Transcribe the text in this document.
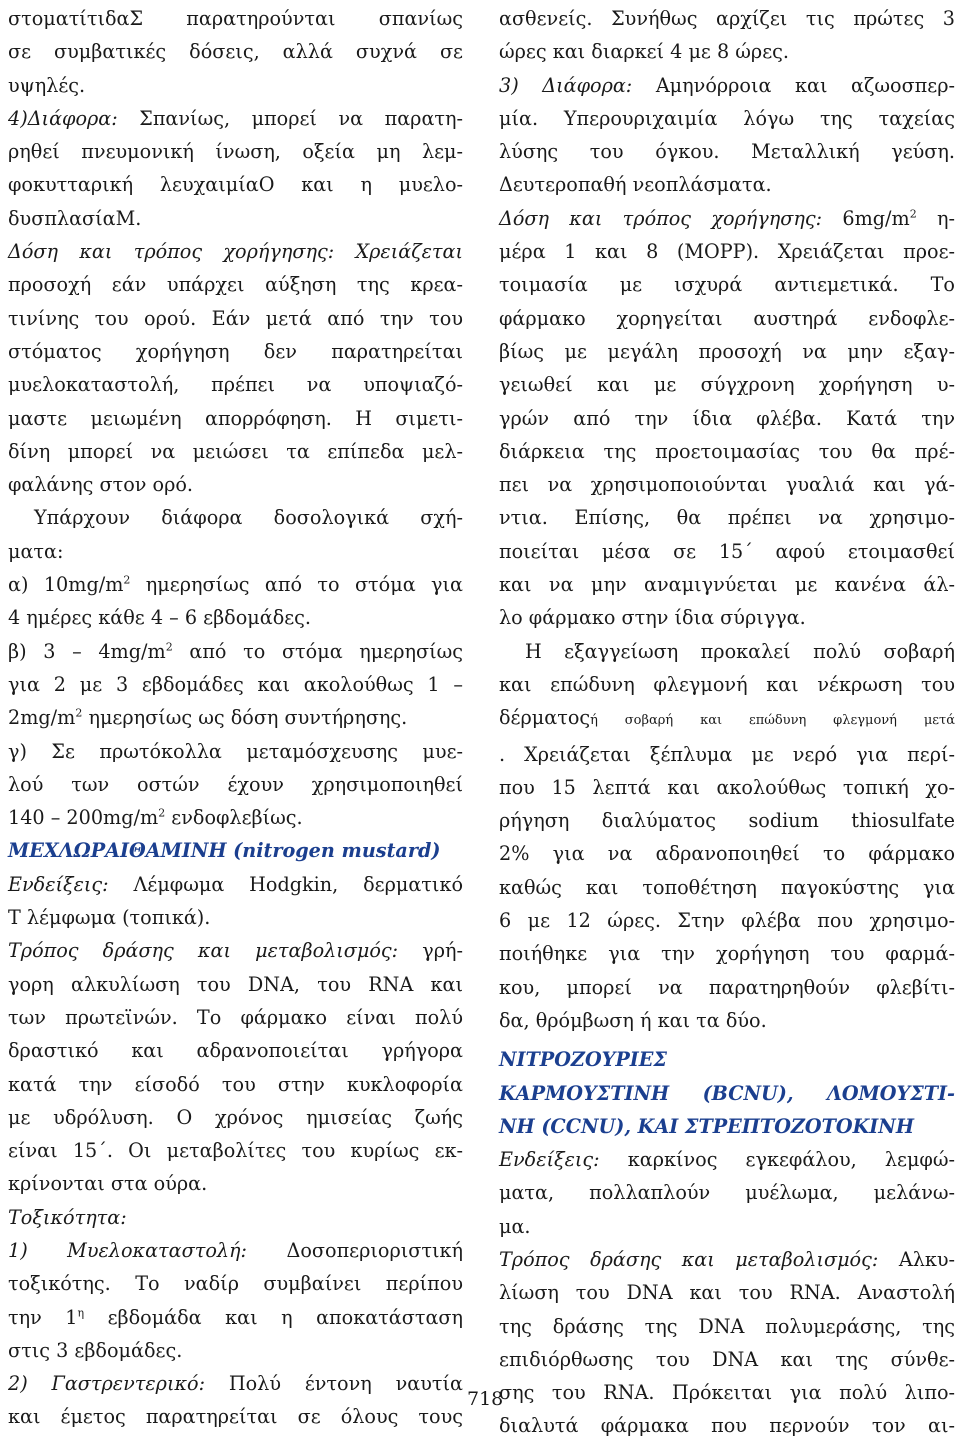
στοματίτιδαΣ παρατηρούνται σπανίως
σε συμβατικές δόσεις, αλλά συχνά σε
υψηλές.
4)Διάφορα: Σπανίως, μπορεί να παρατη-
ρηθεί πνευμονική ίνωση, οξεία μη λεμ-
φοκυτταρική λευχαιμίαΟ και η μυελο-
δυσπλασίαΜ.
Δόση και τρόπος χορήγησης: Χρειάζεται
προσοχή εάν υπάρχει αύξηση της κρεα-
τινίνης του ορού. Εάν μετά από την του
στόματος χορήγηση δεν παρατηρείται
μυελοκαταστολή, πρέπει να υποψιαζό-
μαστε μειωμένη απορρόφηση. Η σιμετι-
δίνη μπορεί να μειώσει τα επίπεδα μελ-
φαλάνης στον ορό.
Υπάρχουν διάφορα δοσολογικά σχή-
ματα:
α) $10mg/m^2$ ημερησίως από το στόμα για
4 ημέρες κάθε 4 – 6 εβδομάδες.
β) $3 - 4mg/m^2$ από το στόμα ημερησίως
για 2 με 3 εβδομάδες και ακολούθως 1 –
$2mg/m^2$ ημερησίως ως δόση συντήρησης.
γ) Σε πρωτόκολλα μεταμόσχευσης μυε-
λού των οστών έχουν χρησιμοποιηθεί
$140 - 200mg/m^2$ ενδοφλεβίως.
ΜΕΧΛΩΡΑΙΘΑΜΙΝΗ (nitrogen mustard)
Ενδείξεις: Λέμφωμα Hodgkin, δερματικό
Τ λέμφωμα (τοπικά).
Τρόπος δράσης και μεταβολισμός: γρή-
γορη αλκυλίωση του DNA, του RNA και
των πρωτεϊνών. Το φάρμακο είναι πολύ
δραστικό και αδρανοποιείται γρήγορα
κατά την είσοδό του στην κυκλοφορία
με υδρόλυση. Ο χρόνος ημισείας ζωής
είναι 15΄. Οι μεταβολίτες του κυρίως εκ-
κρίνονται στα ούρα.
Τοξικότητα:
1) Μυελοκαταστολή: Δοσοπεριοριστική
τοξικότης. Το ναδίρ συμβαίνει περίπου
την $1^\eta$ εβδομάδα και η αποκατάσταση
στις 3 εβδομάδες.
2) Γαστρεντερικό: Πολύ έντονη ναυτία
και έμετος παρατηρείται σε όλους τους
ασθενείς. Συνήθως αρχίζει τις πρώτες 3
ώρες και διαρκεί 4 με 8 ώρες.
3) Διάφορα: Αμηνόρροια και αζωοσπερ-
μία. Υπερουριχαιμία λόγω της ταχείας
λύσης του όγκου. Μεταλλική γεύση.
Δευτεροπαθή νεοπλάσματα.
Δόση και τρόπος χορήγησης: $6mg/m^2$ η-
μέρα 1 και 8 (MOPP). Χρειάζεται προε-
τοιμασία με ισχυρά αντιεμετικά. Το
φάρμακο χορηγείται αυστηρά ενδοφλε-
βίως με μεγάλη προσοχή να μην εξαγ-
γειωθεί και με σύγχρονη χορήγηση υ-
γρών από την ίδια φλέβα. Κατά την
διάρκεια της προετοιμασίας του θα πρέ-
πει να χρησιμοποιούνται γυαλιά και γά-
ντια. Επίσης, θα πρέπει να χρησιμο-
ποιείται μέσα σε 15΄ αφού ετοιμασθεί
και να μην αναμιγνύεται με κανένα άλ-
λο φάρμακο στην ίδια σύριγγα.
Η εξαγγείωση προκαλεί πολύ σοβαρή
και επώδυνη φλεγμονή και νέκρωση του
δέρματοςή σοβαρή και επώδυνη φλεγμονή μετά
. Χρειάζεται ξέπλυμα με νερό για περί-
που 15 λεπτά και ακολούθως τοπική χο-
ρήγηση διαλύματος sodium thiosulfate
2% για να αδρανοποιηθεί το φάρμακο
καθώς και τοποθέτηση παγοκύστης για
6 με 12 ώρες. Στην φλέβα που χρησιμο-
ποιήθηκε για την χορήγηση του φαρμά-
κου, μπορεί να παρατηρηθούν φλεβίτι-
δα, θρόμβωση ή και τα δύο.
ΝΙΤΡΟΖΟΥΡΙΕΣ
ΚΑΡΜΟΥΣΤΙΝΗ (BCNU), ΛΟΜΟΥΣΤΙ-
ΝΗ (CCNU), ΚΑΙ ΣΤΡΕΠΤΟΖΟΤΟΚΙΝΗ
Ενδείξεις: καρκίνος εγκεφάλου, λεμφώ-
ματα, πολλαπλούν μυέλωμα, μελάνω-
μα.
Τρόπος δράσης και μεταβολισμός: Αλκυ-
λίωση του DNA και του RNA. Αναστολή
της δράσης της DNA πολυμεράσης, της
επιδιόρθωσης του DNA και της σύνθε-
σης του RNA. Πρόκειται για πολύ λιπο-
διαλυτά φάρμακα που περνούν τον αι-
718
